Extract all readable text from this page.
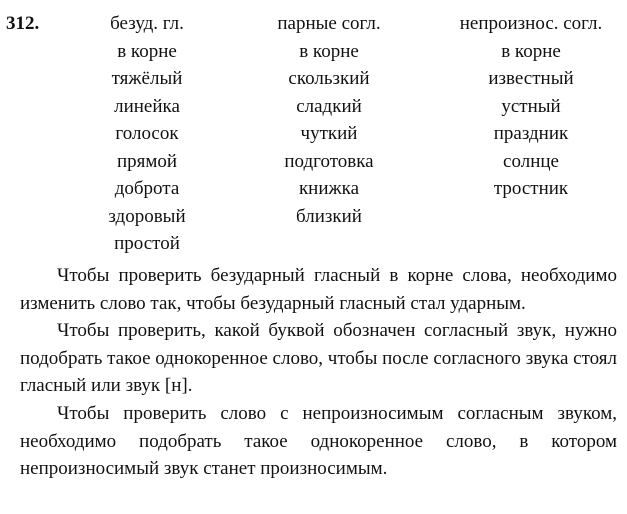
312.	безуд. гл.
в корне
тяжёлый
линейка
голосок
прямой
доброта
здоровый
простой
парные согл.
в корне
скользкий
сладкий
чуткий
подготовка
книжка
близкий
непроизнос. согл.
в корне
известный
устный
праздник
солнце
тростник

Чтобы проверить безударный гласный в корне слова, необходимо изменить слово так, чтобы безударный гласный стал ударным.

Чтобы проверить, какой буквой обозначен согласный звук, нужно подобрать такое однокоренное слово, чтобы после согласного звука стоял гласный или звук [н].

Чтобы проверить слово с непроизносимым согласным звуком, необходимо подобрать такое однокоренное слово, в котором непроизносимый звук станет произносимым.
